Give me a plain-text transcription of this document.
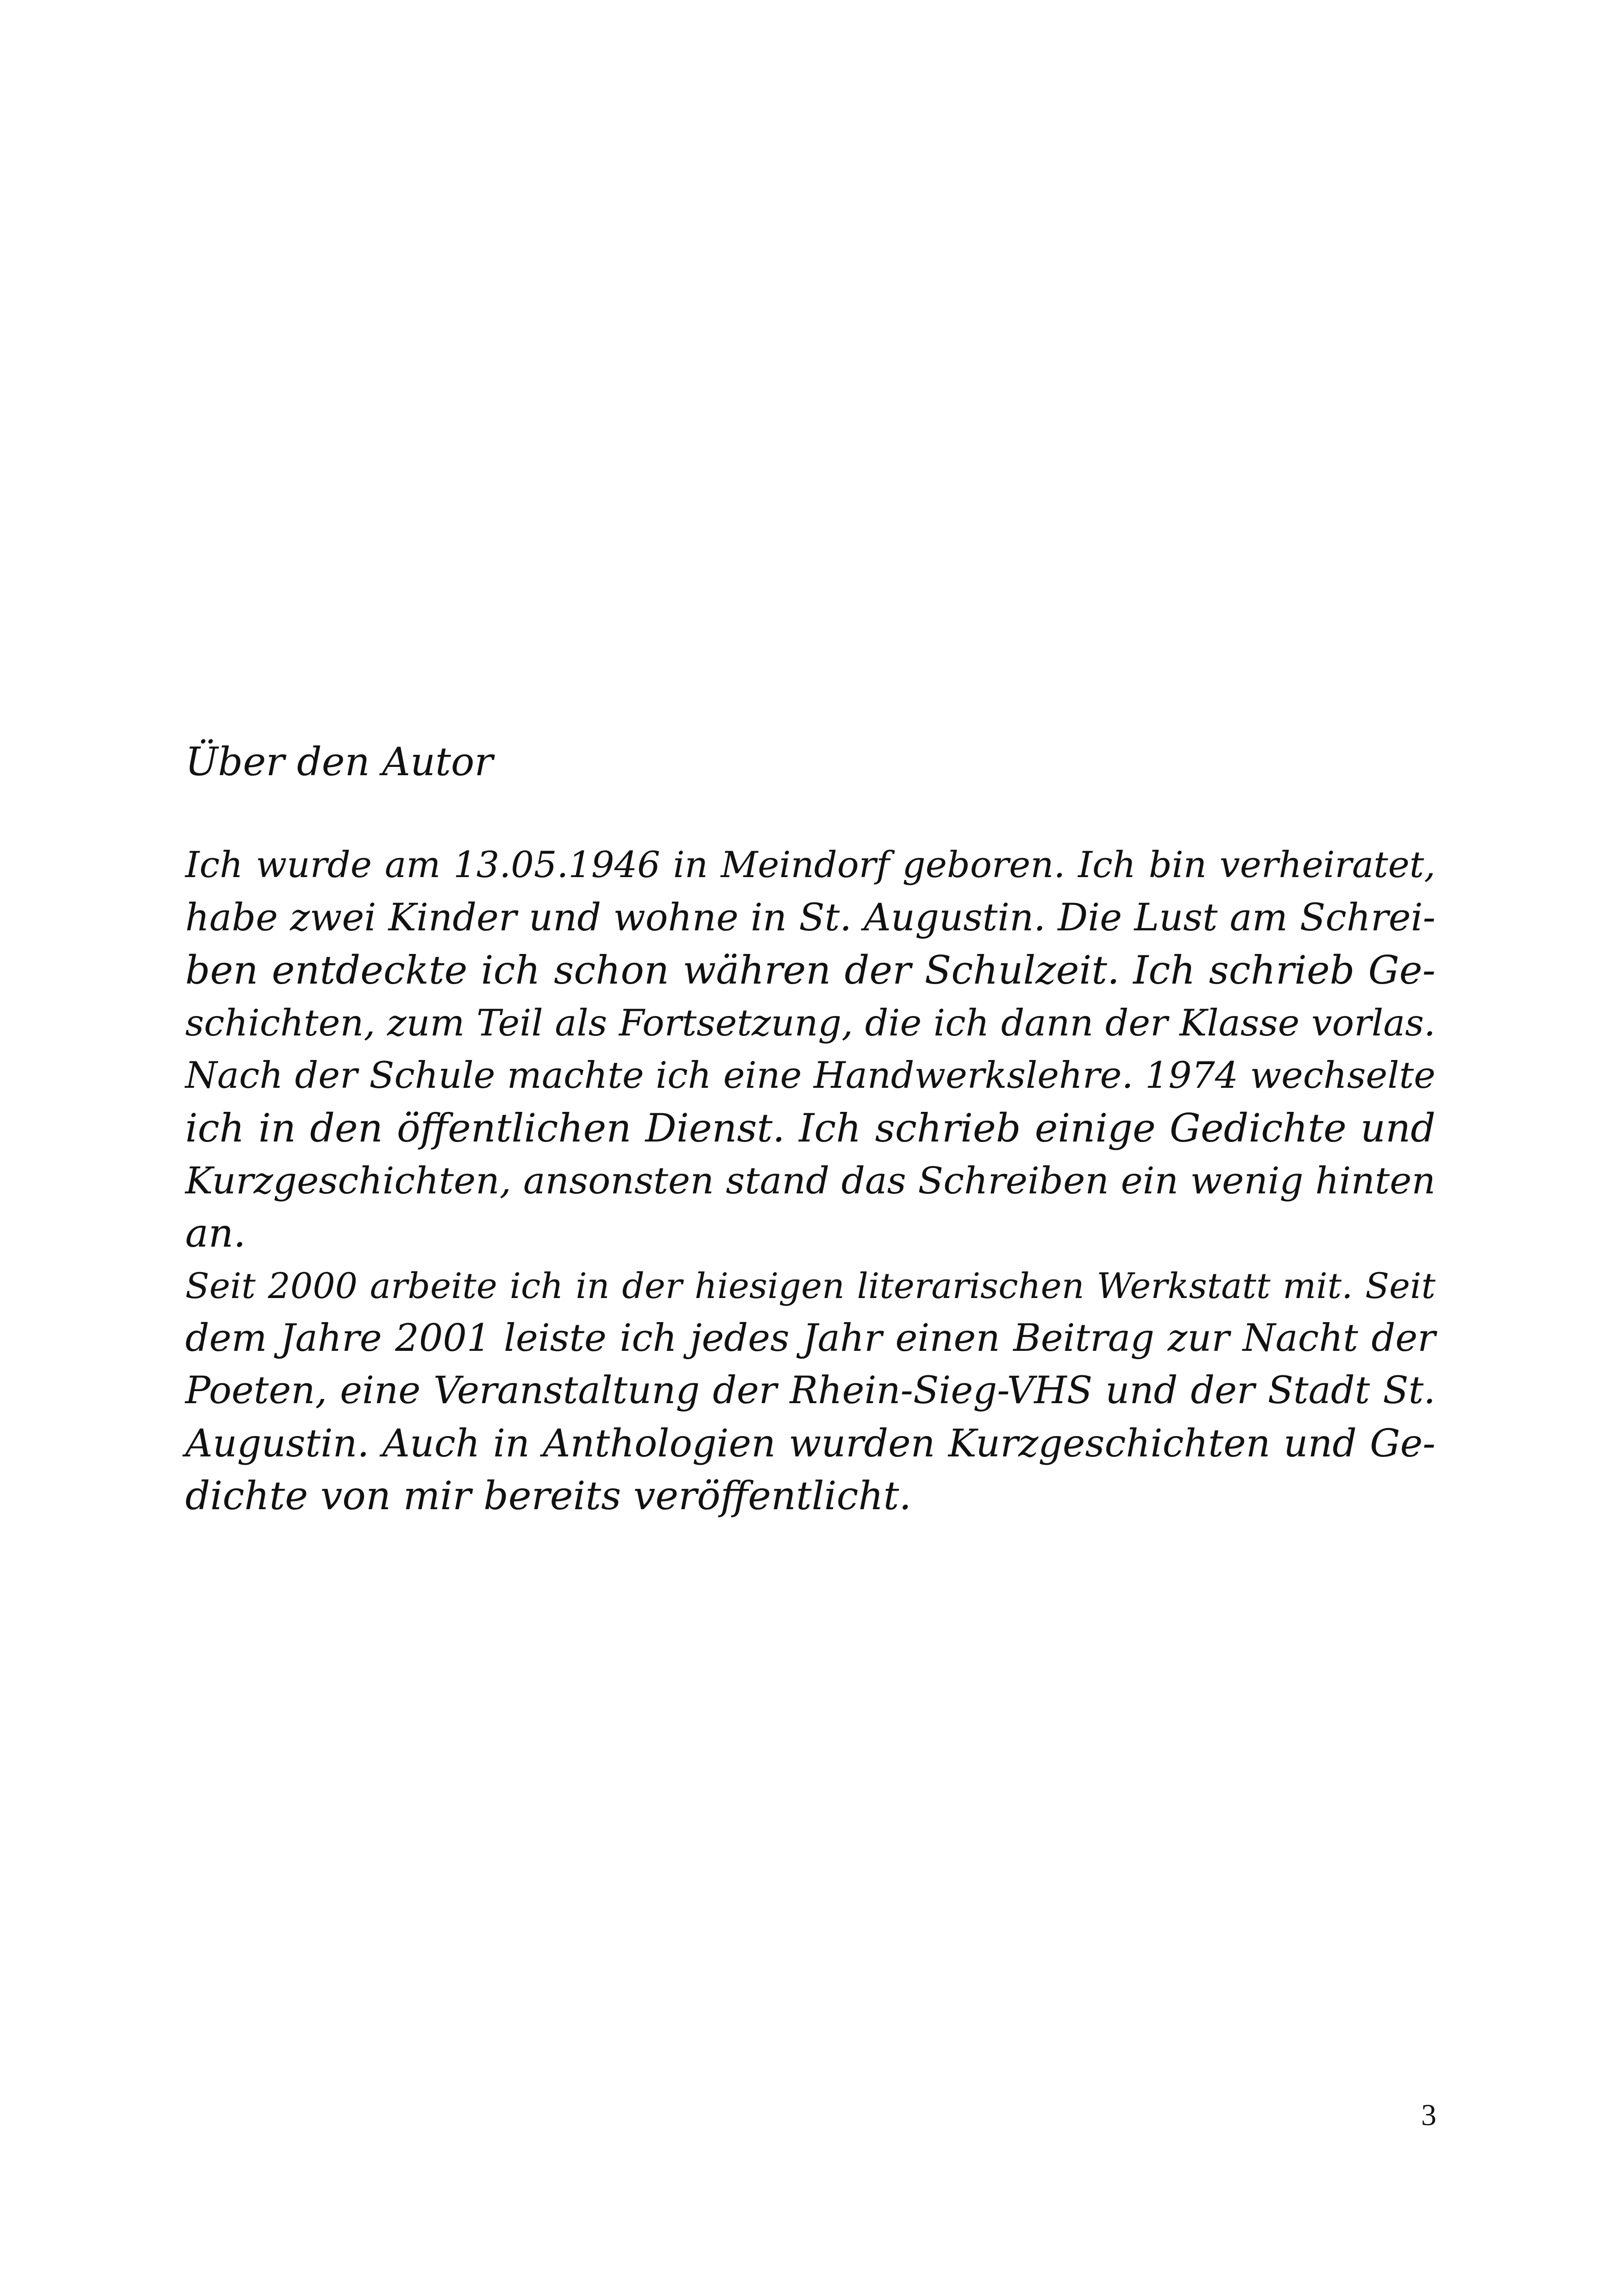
Über den Autor
Ich wurde am 13.05.1946 in Meindorf geboren. Ich bin verheiratet,
habe zwei Kinder und wohne in St. Augustin. Die Lust am Schrei-
ben entdeckte ich schon währen der Schulzeit. Ich schrieb Ge-
schichten, zum Teil als Fortsetzung, die ich dann der Klasse vorlas.
Nach der Schule machte ich eine Handwerkslehre. 1974 wechselte
ich in den öffentlichen Dienst. Ich schrieb einige Gedichte und
Kurzgeschichten, ansonsten stand das Schreiben ein wenig hinten
an.
Seit 2000 arbeite ich in der hiesigen literarischen Werkstatt mit. Seit
dem Jahre 2001 leiste ich jedes Jahr einen Beitrag zur Nacht der
Poeten, eine Veranstaltung der Rhein-Sieg-VHS und der Stadt St.
Augustin. Auch in Anthologien wurden Kurzgeschichten und Ge-
dichte von mir bereits veröffentlicht.
3
